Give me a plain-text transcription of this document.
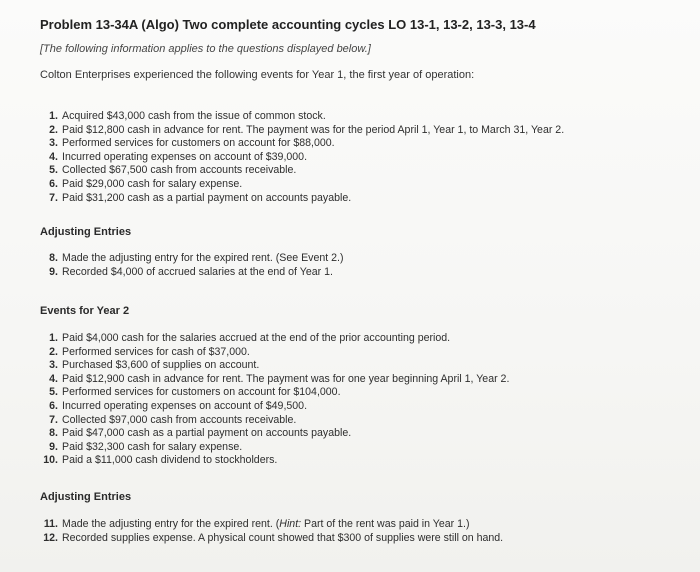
Problem 13-34A (Algo) Two complete accounting cycles LO 13-1, 13-2, 13-3, 13-4
[The following information applies to the questions displayed below.]
Colton Enterprises experienced the following events for Year 1, the first year of operation:
1. Acquired $43,000 cash from the issue of common stock.
2. Paid $12,800 cash in advance for rent. The payment was for the period April 1, Year 1, to March 31, Year 2.
3. Performed services for customers on account for $88,000.
4. Incurred operating expenses on account of $39,000.
5. Collected $67,500 cash from accounts receivable.
6. Paid $29,000 cash for salary expense.
7. Paid $31,200 cash as a partial payment on accounts payable.
Adjusting Entries
8. Made the adjusting entry for the expired rent. (See Event 2.)
9. Recorded $4,000 of accrued salaries at the end of Year 1.
Events for Year 2
1. Paid $4,000 cash for the salaries accrued at the end of the prior accounting period.
2. Performed services for cash of $37,000.
3. Purchased $3,600 of supplies on account.
4. Paid $12,900 cash in advance for rent. The payment was for one year beginning April 1, Year 2.
5. Performed services for customers on account for $104,000.
6. Incurred operating expenses on account of $49,500.
7. Collected $97,000 cash from accounts receivable.
8. Paid $47,000 cash as a partial payment on accounts payable.
9. Paid $32,300 cash for salary expense.
10. Paid a $11,000 cash dividend to stockholders.
Adjusting Entries
11. Made the adjusting entry for the expired rent. (Hint: Part of the rent was paid in Year 1.)
12. Recorded supplies expense. A physical count showed that $300 of supplies were still on hand.
